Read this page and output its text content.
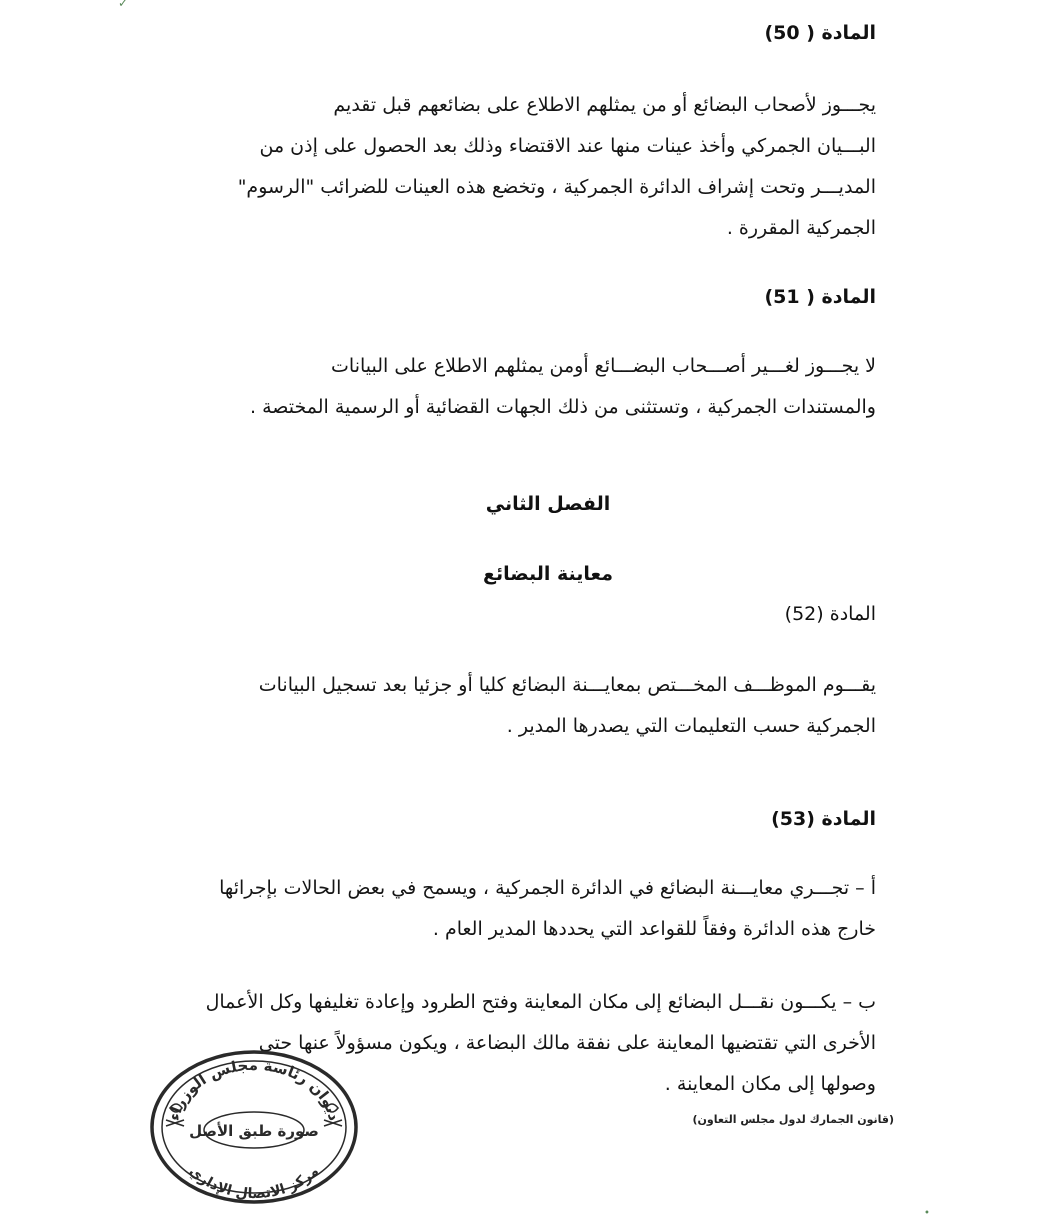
✓
المادة ( 50)
يجـــوز لأصحاب البضائع أو من يمثلهم الاطلاع على بضائعهم قبل تقديم
البـــيان الجمركي وأخذ عينات منها عند الاقتضاء وذلك بعد الحصول على إذن من
المديـــر وتحت إشراف الدائرة الجمركية ، وتخضع هذه العينات للضرائب "الرسوم"
الجمركية المقررة .
المادة ( 51)
لا يجـــوز لغـــير أصـــحاب البضـــائع أومن يمثلهم الاطلاع على البيانات
والمستندات الجمركية ، وتستثنى من ذلك الجهات القضائية أو الرسمية المختصة .
الفصل الثاني
معاينة البضائع
المادة (52)
يقـــوم الموظـــف المخـــتص بمعايـــنة البضائع كليا أو جزئيا بعد تسجيل البيانات
الجمركية حسب التعليمات التي يصدرها المدير .
المادة (53)
أ – تجـــري معايـــنة البضائع في الدائرة الجمركية ، ويسمح في بعض الحالات بإجرائها
خارج هذه الدائرة وفقاً للقواعد التي يحددها المدير العام .
ب – يكـــون نقـــل البضائع إلى مكان المعاينة وفتح الطرود وإعادة تغليفها وكل الأعمال
الأخرى التي تقتضيها المعاينة على نفقة مالك البضاعة ، ويكون مسؤولاً عنها حتى
وصولها إلى مكان المعاينة .
(قانون الجمارك لدول مجلس التعاون)
ديوان رئاسة مجلس الوزراء
مركز الاتصال الإداري
صورة طبق الأصل
•
